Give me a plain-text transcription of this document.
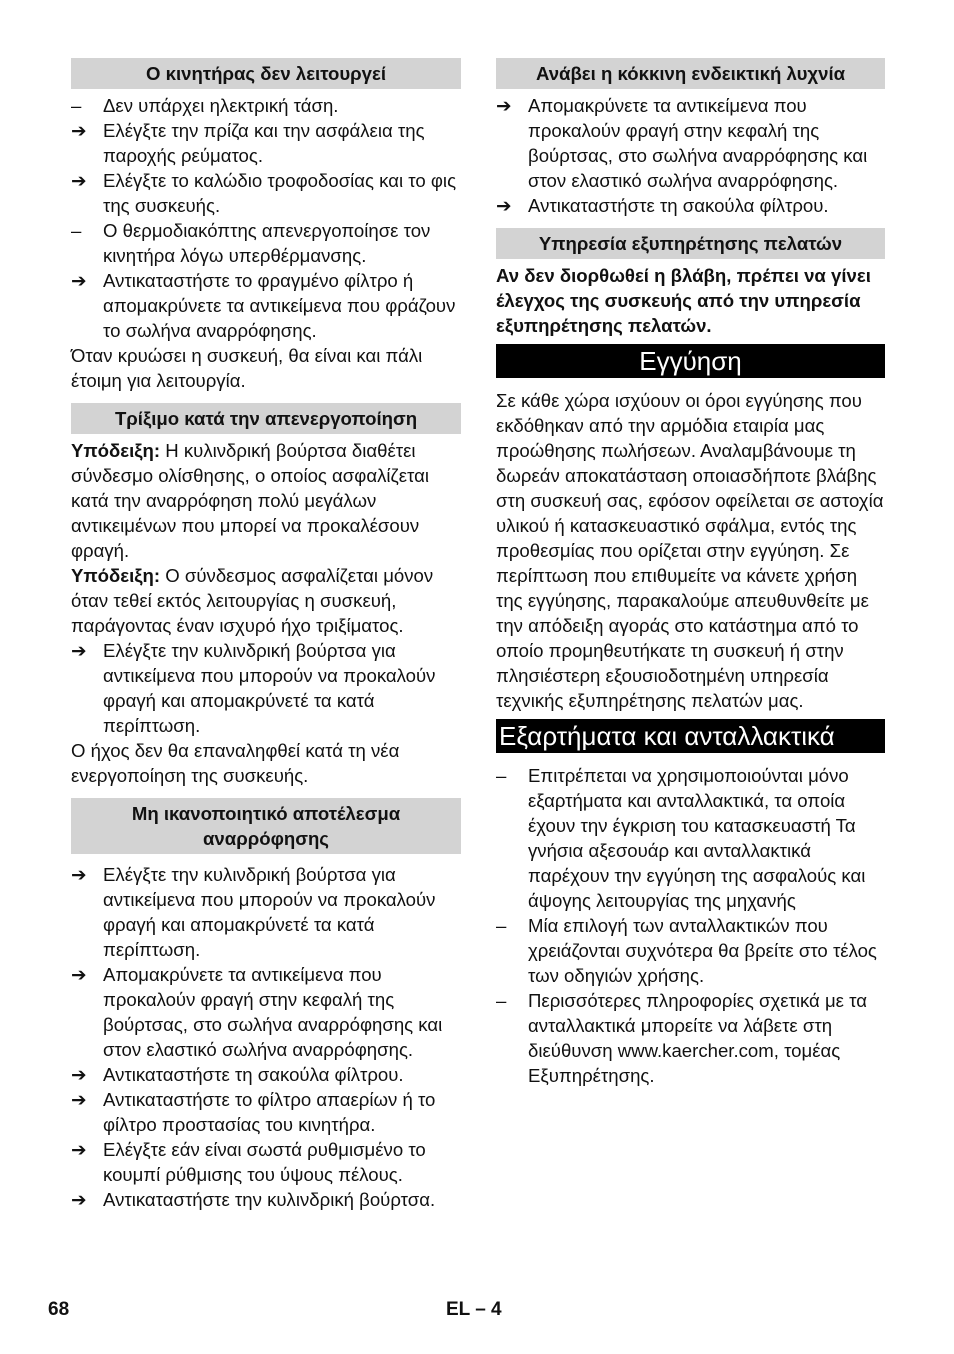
Ο κινητήρας δεν λειτουργεί
–	Δεν υπάρχει ηλεκτρική τάση.
➔ Ελέγξτε την πρίζα και την ασφάλεια της παροχής ρεύματος.
➔ Ελέγξτε το καλώδιο τροφοδοσίας και το φις της συσκευής.
–	Ο θερμοδιακόπτης απενεργοποίησε τον κινητήρα λόγω υπερθέρμανσης.
➔ Αντικαταστήστε το φραγμένο φίλτρο ή απομακρύνετε τα αντικείμενα που φράζουν το σωλήνα αναρρόφησης.

Όταν κρυώσει η συσκευή, θα είναι και πάλι έτοιμη για λειτουργία.

Τρίξιμο κατά την απενεργοποίηση

Υπόδειξη: Η κυλινδρική βούρτσα διαθέτει σύνδεσμο ολίσθησης, ο οποίος ασφαλίζεται κατά την αναρρόφηση πολύ μεγάλων αντικειμένων που μπορεί να προκαλέσουν φραγή.

Υπόδειξη: Ο σύνδεσμος ασφαλίζεται μόνον όταν τεθεί εκτός λειτουργίας η συσκευή, παράγοντας έναν ισχυρό ήχο τριξίματος.

➔ Ελέγξτε την κυλινδρική βούρτσα για αντικείμενα που μπορούν να προκαλούν φραγή και απομακρύνετέ τα κατά περίπτωση.

Ο ήχος δεν θα επαναληφθεί κατά τη νέα ενεργοποίηση της συσκευής.

Μη ικανοποιητικό αποτέλεσμα αναρρόφησης
➔ Ελέγξτε την κυλινδρική βούρτσα για αντικείμενα που μπορούν να προκαλούν φραγή και απομακρύνετέ τα κατά περίπτωση.
➔ Απομακρύνετε τα αντικείμενα που προκαλούν φραγή στην κεφαλή της βούρτσας, στο σωλήνα αναρρόφησης και στον ελαστικό σωλήνα αναρρόφησης.
➔ Αντικαταστήστε τη σακούλα φίλτρου.
➔ Αντικαταστήστε το φίλτρο απαερίων ή το φίλτρο προστασίας του κινητήρα.
➔ Ελέγξτε εάν είναι σωστά ρυθμισμένο το κουμπί ρύθμισης του ύψους πέλους.
➔ Αντικαταστήστε την κυλινδρική βούρτσα.
Ανάβει η κόκκινη ενδεικτική λυχνία
➔ Απομακρύνετε τα αντικείμενα που προκαλούν φραγή στην κεφαλή της βούρτσας, στο σωλήνα αναρρόφησης και στον ελαστικό σωλήνα αναρρόφησης.
➔ Αντικαταστήστε τη σακούλα φίλτρου.
Υπηρεσία εξυπηρέτησης πελατών

Αν δεν διορθωθεί η βλάβη, πρέπει να γίνει έλεγχος της συσκευής από την υπηρεσία εξυπηρέτησης πελατών.

Εγγύηση

Σε κάθε χώρα ισχύουν οι όροι εγγύησης που εκδόθηκαν από την αρμόδια εταιρία μας προώθησης πωλήσεων. Αναλαμβάνουμε τη δωρεάν αποκατάσταση οποιασδήποτε βλάβης στη συσκευή σας, εφόσον οφείλεται σε αστοχία υλικού ή κατασκευαστικό σφάλμα, εντός της προθεσμίας που ορίζεται στην εγγύηση. Σε περίπτωση που επιθυμείτε να κάνετε χρήση της εγγύησης, παρακαλούμε απευθυνθείτε με την απόδειξη αγοράς στο κατάστημα από το οποίο προμηθευτήκατε τη συσκευή ή στην πλησιέστερη εξουσιοδοτημένη υπηρεσία τεχνικής εξυπηρέτησης πελατών μας.

Εξαρτήματα και ανταλλακτικά
–	Επιτρέπεται να χρησιμοποιούνται μόνο εξαρτήματα και ανταλλακτικά, τα οποία έχουν την έγκριση του κατασκευαστή Τα γνήσια αξεσουάρ και ανταλλακτικά παρέχουν την εγγύηση της ασφαλούς και άψογης λειτουργίας της μηχανής
–	Μία επιλογή των ανταλλακτικών που χρειάζονται συχνότερα θα βρείτε στο τέλος των οδηγιών χρήσης.
–	Περισσότερες πληροφορίες σχετικά με τα ανταλλακτικά μπορείτε να λάβετε στη διεύθυνση www.kaercher.com, τομέας Εξυπηρέτησης.
68	EL – 4
